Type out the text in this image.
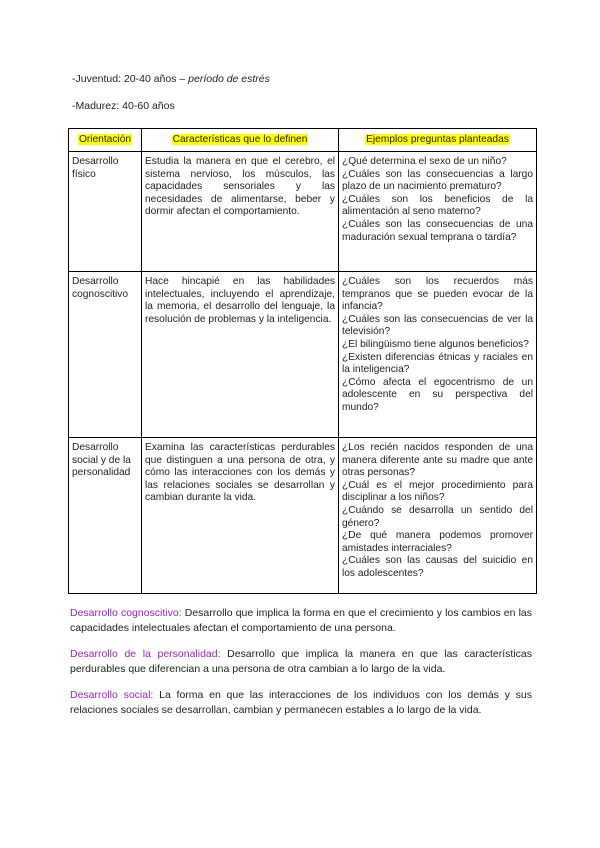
-Juventud: 20-40 años – período de estrés
-Madurez: 40-60 años
Orientación	Características que lo definen	Ejemplos preguntas planteadas
Desarrollo físico	Estudia la manera en que el cerebro, el sistema nervioso, los músculos, las capacidades sensoriales y las necesidades de alimentarse, beber y dormir afectan el comportamiento.	¿Qué determina el sexo de un niño?
¿Cuáles son las consecuencias a largo plazo de un nacimiento prematuro?
¿Cuáles son los beneficios de la alimentación al seno materno?
¿Cuáles son las consecuencias de una maduración sexual temprana o tardía?

Desarrollo cognoscitivo	Hace hincapié en las habilidades intelectuales, incluyendo el aprendizaje, la memoria, el desarrollo del lenguaje, la resolución de problemas y la inteligencia.	¿Cuáles son los recuerdos más tempranos que se pueden evocar de la infancia?
¿Cuáles son las consecuencias de ver la televisión?
¿El bilingüismo tiene algunos beneficios?
¿Existen diferencias étnicas y raciales en la inteligencia?
¿Cómo afecta el egocentrismo de un adolescente en su perspectiva del mundo?

Desarrollo social y de la personalidad	Examina las características perdurables que distinguen a una persona de otra, y cómo las interacciones con los demás y las relaciones sociales se desarrollan y cambian durante la vida.	¿Los recién nacidos responden de una manera diferente ante su madre que ante otras personas?
¿Cuál es el mejor procedimiento para disciplinar a los niños?
¿Cuándo se desarrolla un sentido del género?
¿De qué manera podemos promover amistades interraciales?
¿Cuáles son las causas del suicidio en los adolescentes?
Desarrollo cognoscitivo: Desarrollo que implica la forma en que el crecimiento y los cambios en las capacidades intelectuales afectan el comportamiento de una persona.
Desarrollo de la personalidad: Desarrollo que implica la manera en que las características perdurables que diferencian a una persona de otra cambian a lo largo de la vida.
Desarrollo social: La forma en que las interacciones de los individuos con los demás y sus relaciones sociales se desarrollan, cambian y permanecen estables a lo largo de la vida.
